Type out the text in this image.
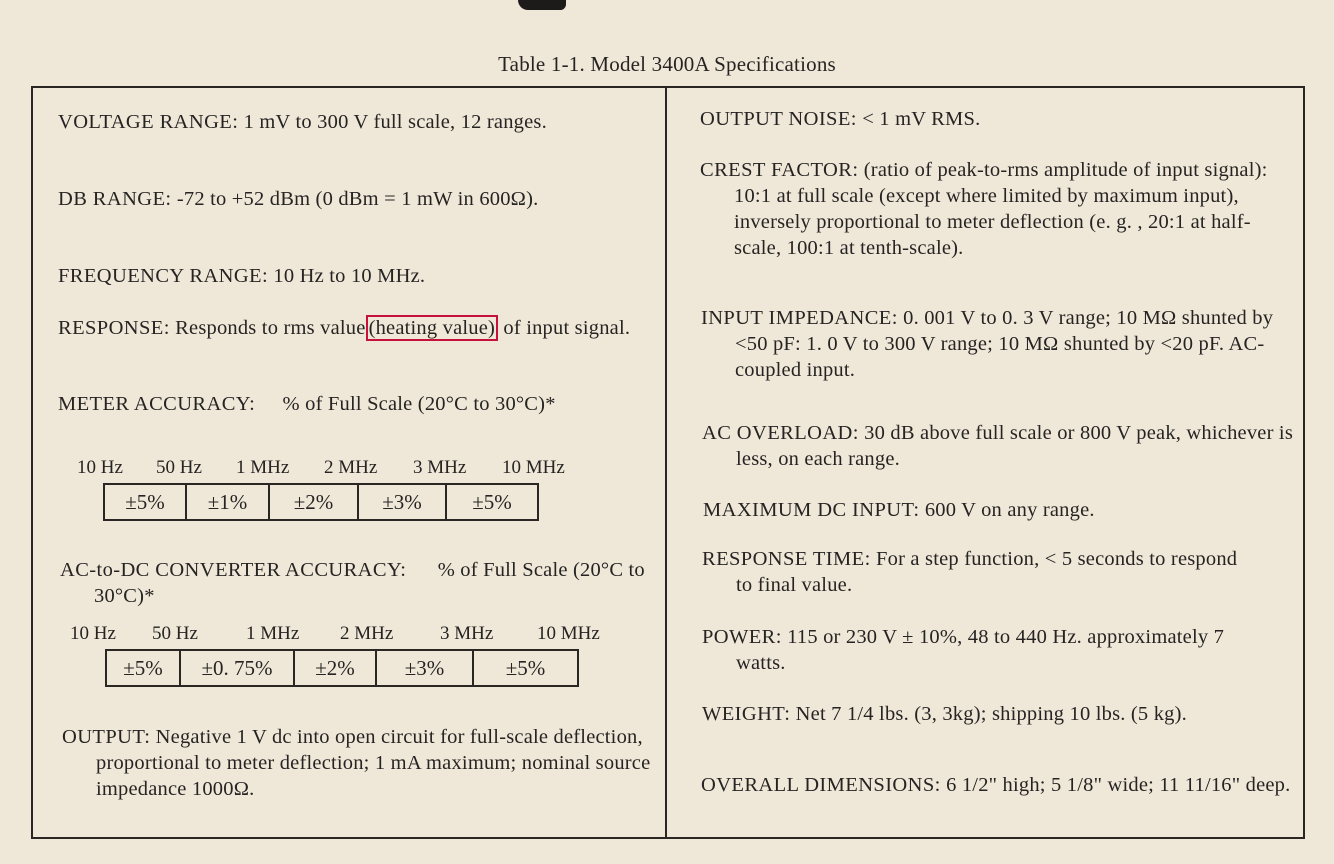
Table 1-1. Model 3400A Specifications
VOLTAGE RANGE: 1 mV to 300 V full scale, 12 ranges.
DB RANGE: -72 to +52 dBm (0 dBm = 1 mW in 600Ω).
FREQUENCY RANGE: 10 Hz to 10 MHz.
RESPONSE: Responds to rms value (heating value) of input signal.
METER ACCURACY: % of Full Scale (20°C to 30°C)*
10 Hz 50 Hz 1 MHz 2 MHz 3 MHz 10 MHz
±5%	±1%	±2%	±3%	±5%
AC-to-DC CONVERTER ACCURACY: % of Full Scale (20°C to 30°C)*
10 Hz 50 Hz	1 MHz 2 MHz 3 MHz 10 MHz
±5%	±0. 75%	±2%	±3%	±5%
OUTPUT: Negative 1 V dc into open circuit for full-scale deflection, proportional to meter deflection; 1 mA maximum; nominal source impedance 1000Ω.
OUTPUT NOISE: < 1 mV RMS.
CREST FACTOR: (ratio of peak-to-rms amplitude of input signal): 10:1 at full scale (except where limited by maximum input), inversely proportional to meter deflection (e. g. , 20:1 at half-scale, 100:1 at tenth-scale).
INPUT IMPEDANCE: 0. 001 V to 0. 3 V range; 10 MΩ shunted by <50 pF: 1. 0 V to 300 V range; 10 MΩ shunted by <20 pF. AC-coupled input.
AC OVERLOAD: 30 dB above full scale or 800 V peak, whichever is less, on each range.
MAXIMUM DC INPUT: 600 V on any range.
RESPONSE TIME: For a step function, < 5 seconds to respond to final value.
POWER: 115 or 230 V ± 10%, 48 to 440 Hz. approximately 7 watts.
WEIGHT: Net 7 1/4 lbs. (3, 3kg); shipping 10 lbs. (5 kg).
OVERALL DIMENSIONS: 6 1/2" high; 5 1/8" wide; 11 11/16" deep.
